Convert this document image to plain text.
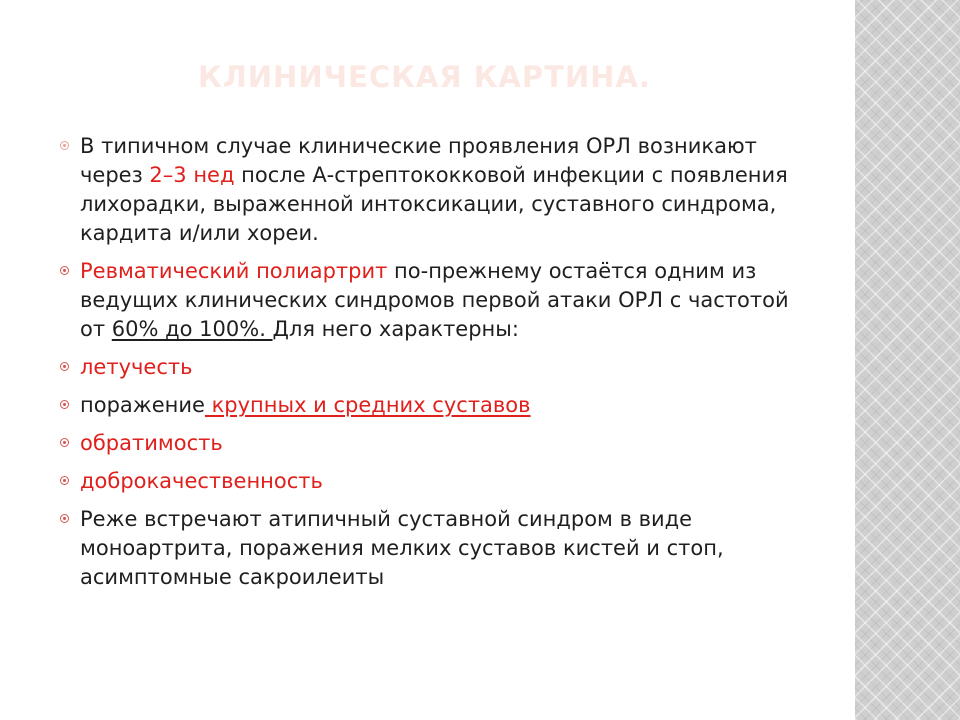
КЛИНИЧЕСКАЯ КАРТИНА.
В типичном случае клинические проявления ОРЛ возникают через 2–3 нед после А-стрептококковой инфекции с появления лихорадки, выраженной интоксикации, суставного синдрома, кардита и/или хореи.
Ревматический полиартрит по-прежнему остаётся одним из ведущих клинических синдромов первой атаки ОРЛ с частотой от 60% до 100%. Для него характерны:
летучесть
поражение крупных и средних суставов
обратимость
доброкачественность
Реже встречают атипичный суставной синдром в виде моноартрита, поражения мелких суставов кистей и стоп, асимптомные сакроилеиты
